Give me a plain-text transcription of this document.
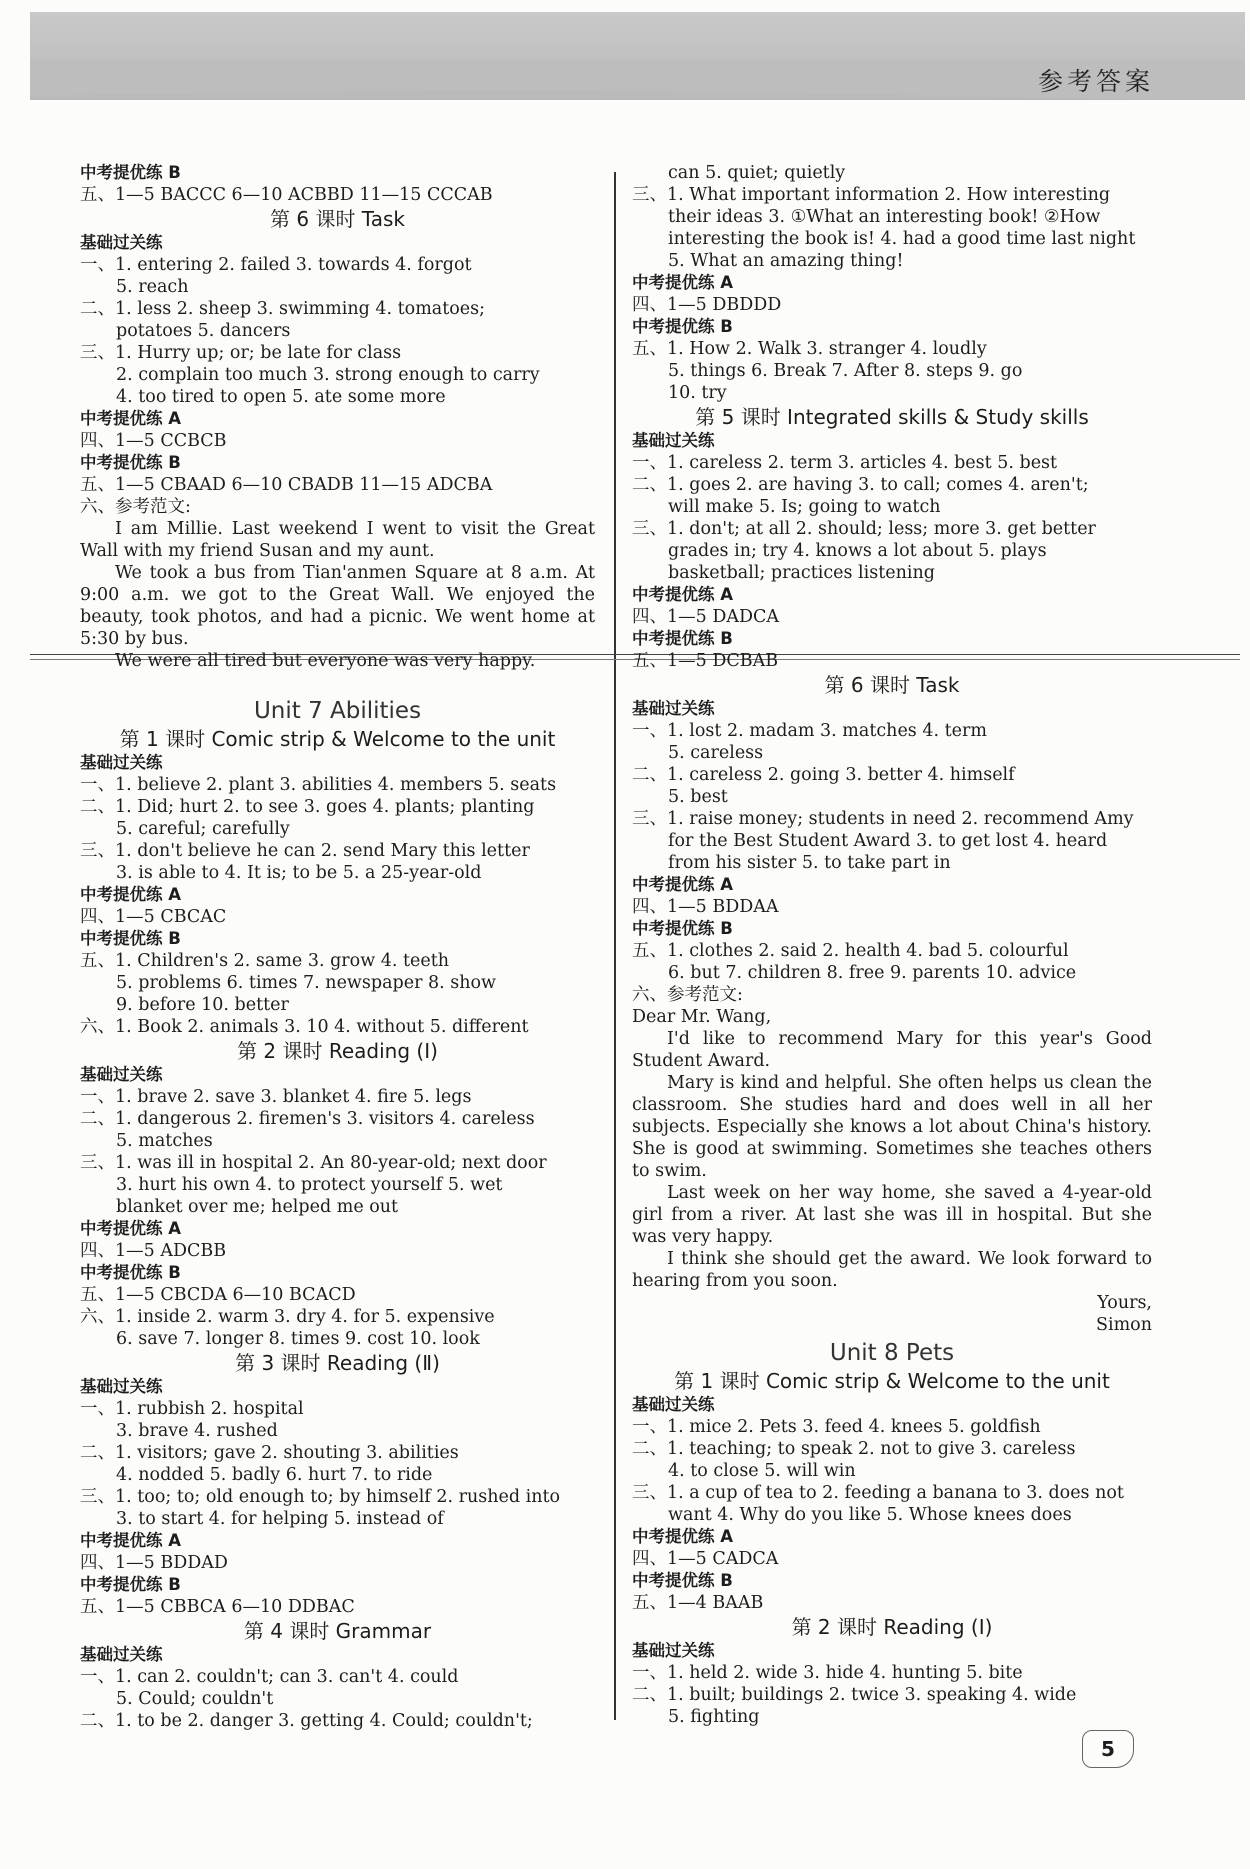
参考答案
中考提优练 B
五、1—5 BACCC 6—10 ACBBD 11—15 CCCAB
第 6 课时 Task
基础过关练
一、1. entering 2. failed 3. towards 4. forgot
5. reach
二、1. less 2. sheep 3. swimming 4. tomatoes;
potatoes 5. dancers
三、1. Hurry up; or; be late for class
2. complain too much 3. strong enough to carry
4. too tired to open 5. ate some more
中考提优练 A
四、1—5 CCBCB
中考提优练 B
五、1—5 CBAAD 6—10 CBADB 11—15 ADCBA
六、参考范文:
I am Millie. Last weekend I went to visit the Great Wall with my friend Susan and my aunt.
We took a bus from Tian'anmen Square at 8 a.m. At 9:00 a.m. we got to the Great Wall. We enjoyed the beauty, took photos, and had a picnic. We went home at 5:30 by bus.
We were all tired but everyone was very happy.
Unit 7 Abilities
第 1 课时 Comic strip & Welcome to the unit
基础过关练
一、1. believe 2. plant 3. abilities 4. members 5. seats
二、1. Did; hurt 2. to see 3. goes 4. plants; planting
5. careful; carefully
三、1. don't believe he can 2. send Mary this letter
3. is able to 4. It is; to be 5. a 25-year-old
中考提优练 A
四、1—5 CBCAC
中考提优练 B
五、1. Children's 2. same 3. grow 4. teeth
5. problems 6. times 7. newspaper 8. show
9. before 10. better
六、1. Book 2. animals 3. 10 4. without 5. different
第 2 课时 Reading (Ⅰ)
基础过关练
一、1. brave 2. save 3. blanket 4. fire 5. legs
二、1. dangerous 2. firemen's 3. visitors 4. careless
5. matches
三、1. was ill in hospital 2. An 80-year-old; next door
3. hurt his own 4. to protect yourself 5. wet
blanket over me; helped me out
中考提优练 A
四、1—5 ADCBB
中考提优练 B
五、1—5 CBCDA 6—10 BCACD
六、1. inside 2. warm 3. dry 4. for 5. expensive
6. save 7. longer 8. times 9. cost 10. look
第 3 课时 Reading (Ⅱ)
基础过关练
一、1. rubbish 2. hospital
3. brave 4. rushed
二、1. visitors; gave 2. shouting 3. abilities
4. nodded 5. badly 6. hurt 7. to ride
三、1. too; to; old enough to; by himself 2. rushed into
3. to start 4. for helping 5. instead of
中考提优练 A
四、1—5 BDDAD
中考提优练 B
五、1—5 CBBCA 6—10 DDBAC
第 4 课时 Grammar
基础过关练
一、1. can 2. couldn't; can 3. can't 4. could
5. Could; couldn't
二、1. to be 2. danger 3. getting 4. Could; couldn't;
can 5. quiet; quietly
三、1. What important information 2. How interesting
their ideas 3. ①What an interesting book! ②How
interesting the book is! 4. had a good time last night
5. What an amazing thing!
中考提优练 A
四、1—5 DBDDD
中考提优练 B
五、1. How 2. Walk 3. stranger 4. loudly
5. things 6. Break 7. After 8. steps 9. go
10. try
第 5 课时 Integrated skills & Study skills
基础过关练
一、1. careless 2. term 3. articles 4. best 5. best
二、1. goes 2. are having 3. to call; comes 4. aren't;
will make 5. Is; going to watch
三、1. don't; at all 2. should; less; more 3. get better
grades in; try 4. knows a lot about 5. plays
basketball; practices listening
中考提优练 A
四、1—5 DADCA
中考提优练 B
五、1—5 DCBAB
第 6 课时 Task
基础过关练
一、1. lost 2. madam 3. matches 4. term
5. careless
二、1. careless 2. going 3. better 4. himself
5. best
三、1. raise money; students in need 2. recommend Amy
for the Best Student Award 3. to get lost 4. heard
from his sister 5. to take part in
中考提优练 A
四、1—5 BDDAA
中考提优练 B
五、1. clothes 2. said 2. health 4. bad 5. colourful
6. but 7. children 8. free 9. parents 10. advice
六、参考范文:
Dear Mr. Wang,
I'd like to recommend Mary for this year's Good Student Award.
Mary is kind and helpful. She often helps us clean the classroom. She studies hard and does well in all her subjects. Especially she knows a lot about China's history. She is good at swimming. Sometimes she teaches others to swim.
Last week on her way home, she saved a 4-year-old girl from a river. At last she was ill in hospital. But she was very happy.
I think she should get the award. We look forward to hearing from you soon.
Yours,
Simon
Unit 8 Pets
第 1 课时 Comic strip & Welcome to the unit
基础过关练
一、1. mice 2. Pets 3. feed 4. knees 5. goldfish
二、1. teaching; to speak 2. not to give 3. careless
4. to close 5. will win
三、1. a cup of tea to 2. feeding a banana to 3. does not
want 4. Why do you like 5. Whose knees does
中考提优练 A
四、1—5 CADCA
中考提优练 B
五、1—4 BAAB
第 2 课时 Reading (Ⅰ)
基础过关练
一、1. held 2. wide 3. hide 4. hunting 5. bite
二、1. built; buildings 2. twice 3. speaking 4. wide
5. fighting
5
